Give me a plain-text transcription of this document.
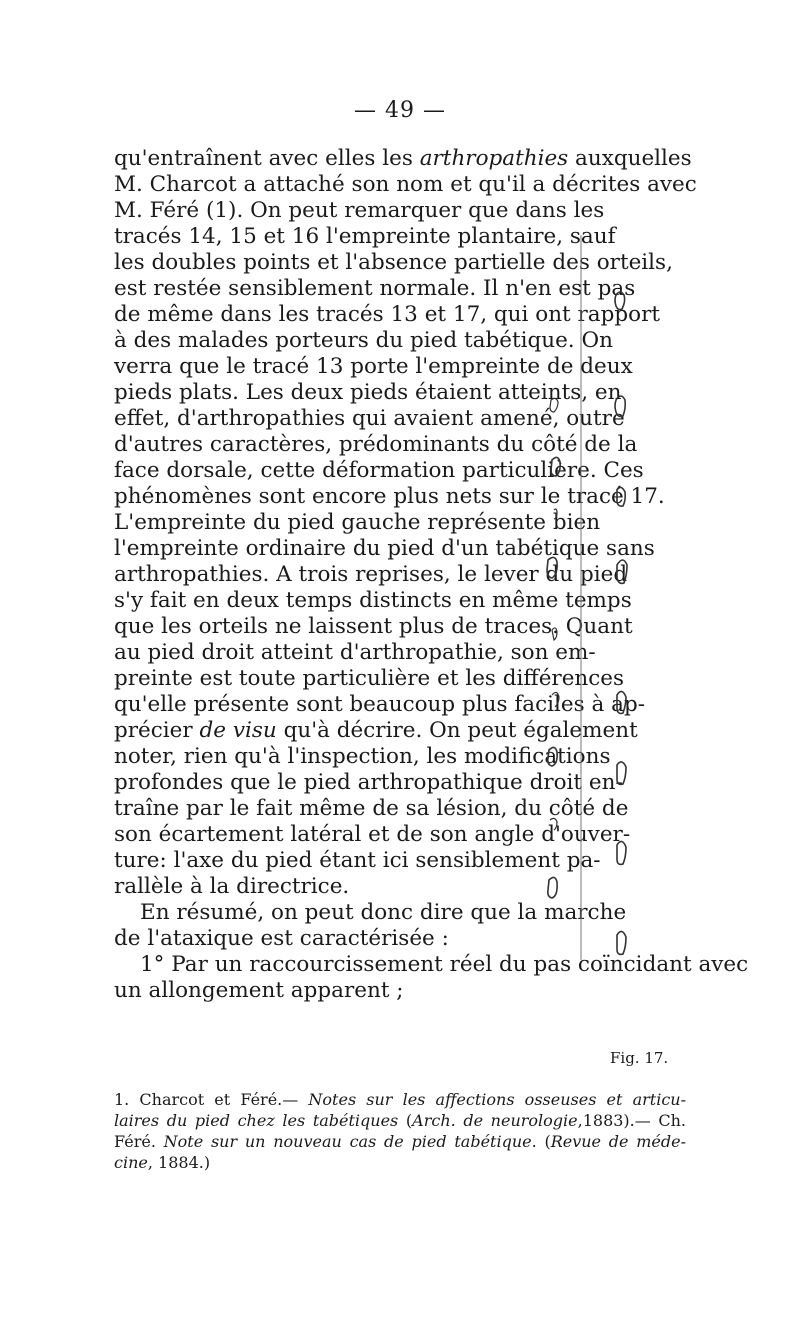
— 49 —
qu'entraînent avec elles les arthropathies auxquelles
M. Charcot a attaché son nom et qu'il a décrites avec
M. Féré (1). On peut remarquer que dans les
tracés 14, 15 et 16 l'empreinte plantaire, sauf
les doubles points et l'absence partielle des orteils,
est restée sensiblement normale. Il n'en est pas
de même dans les tracés 13 et 17, qui ont rapport
à des malades porteurs du pied tabétique. On
verra que le tracé 13 porte l'empreinte de deux
pieds plats. Les deux pieds étaient atteints, en
effet, d'arthropathies qui avaient amené, outre
d'autres caractères, prédominants du côté de la
face dorsale, cette déformation particulière. Ces
phénomènes sont encore plus nets sur le tracé 17.
L'empreinte du pied gauche représente bien
l'empreinte ordinaire du pied d'un tabétique sans
arthropathies. A trois reprises, le lever du pied
s'y fait en deux temps distincts en même temps
que les orteils ne laissent plus de traces. Quant
au pied droit atteint d'arthropathie, son em-
preinte est toute particulière et les différences
qu'elle présente sont beaucoup plus faciles à ap-
précier de visu qu'à décrire. On peut également
noter, rien qu'à l'inspection, les modifications
profondes que le pied arthropathique droit en-
traîne par le fait même de sa lésion, du côté de
son écartement latéral et de son angle d'ouver-
ture: l'axe du pied étant ici sensiblement pa-
rallèle à la directrice.
En résumé, on peut donc dire que la marche
de l'ataxique est caractérisée :
1° Par un raccourcissement réel du pas coïncidant avec
un allongement apparent ;
Fig. 17.
1. Charcot et Féré.— Notes sur les affections osseuses et articu-
laires du pied chez les tabétiques (Arch. de neurologie,1883).— Ch.
Féré. Note sur un nouveau cas de pied tabétique. (Revue de méde-
cine, 1884.)
